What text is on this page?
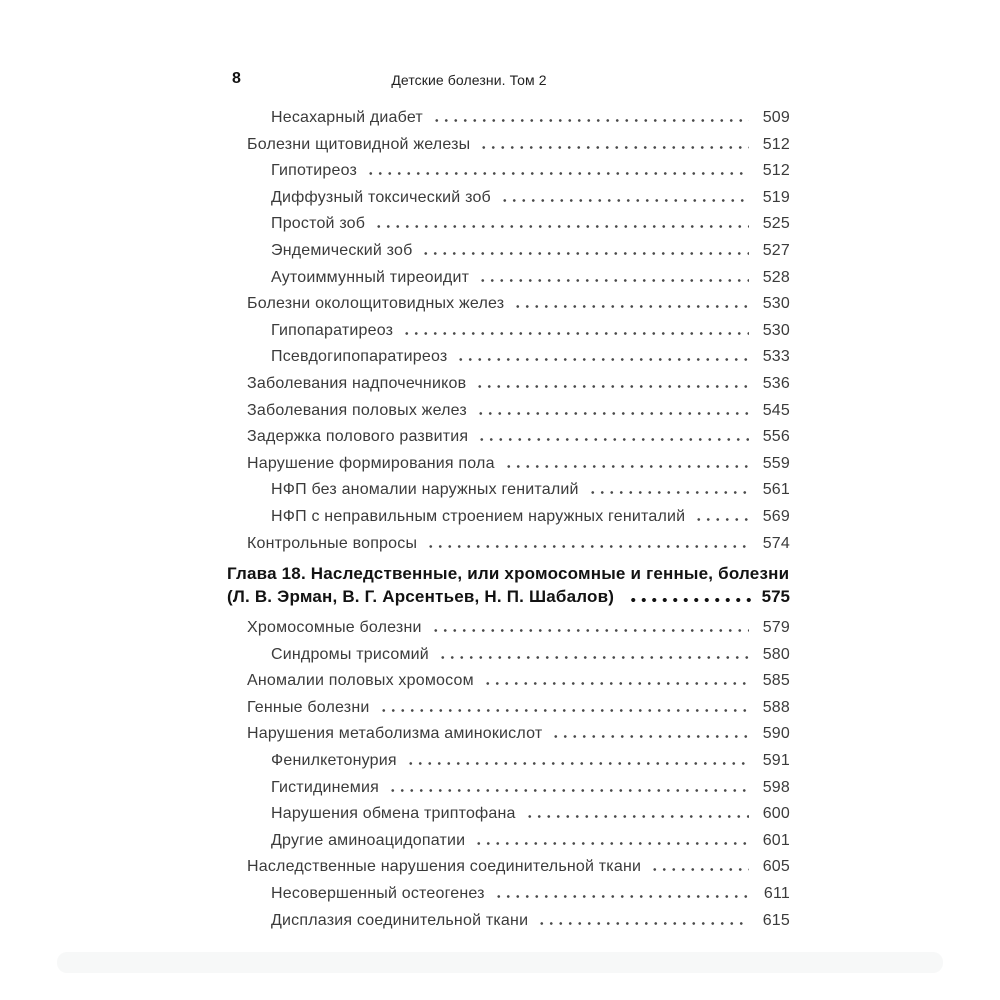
8	Детские болезни. Том 2
Несахарный диабет	509
Болезни щитовидной железы	512
Гипотиреоз	512
Диффузный токсический зоб	519
Простой зоб	525
Эндемический зоб	527
Аутоиммунный тиреоидит	528
Болезни околощитовидных желез	530
Гипопаратиреоз	530
Псевдогипопаратиреоз	533
Заболевания надпочечников	536
Заболевания половых желез	545
Задержка полового развития	556
Нарушение формирования пола	559
НФП без аномалии наружных гениталий	561
НФП с неправильным строением наружных гениталий	569
Контрольные вопросы	574
Глава 18. Наследственные, или хромосомные и генные, болезни
(Л. В. Эрман, В. Г. Арсентьев, Н. П. Шабалов)	575
Хромосомные болезни	579
Синдромы трисомий	580
Аномалии половых хромосом	585
Генные болезни	588
Нарушения метаболизма аминокислот	590
Фенилкетонурия	591
Гистидинемия	598
Нарушения обмена триптофана	600
Другие аминоацидопатии	601
Наследственные нарушения соединительной ткани	605
Несовершенный остеогенез	611
Дисплазия соединительной ткани	615
